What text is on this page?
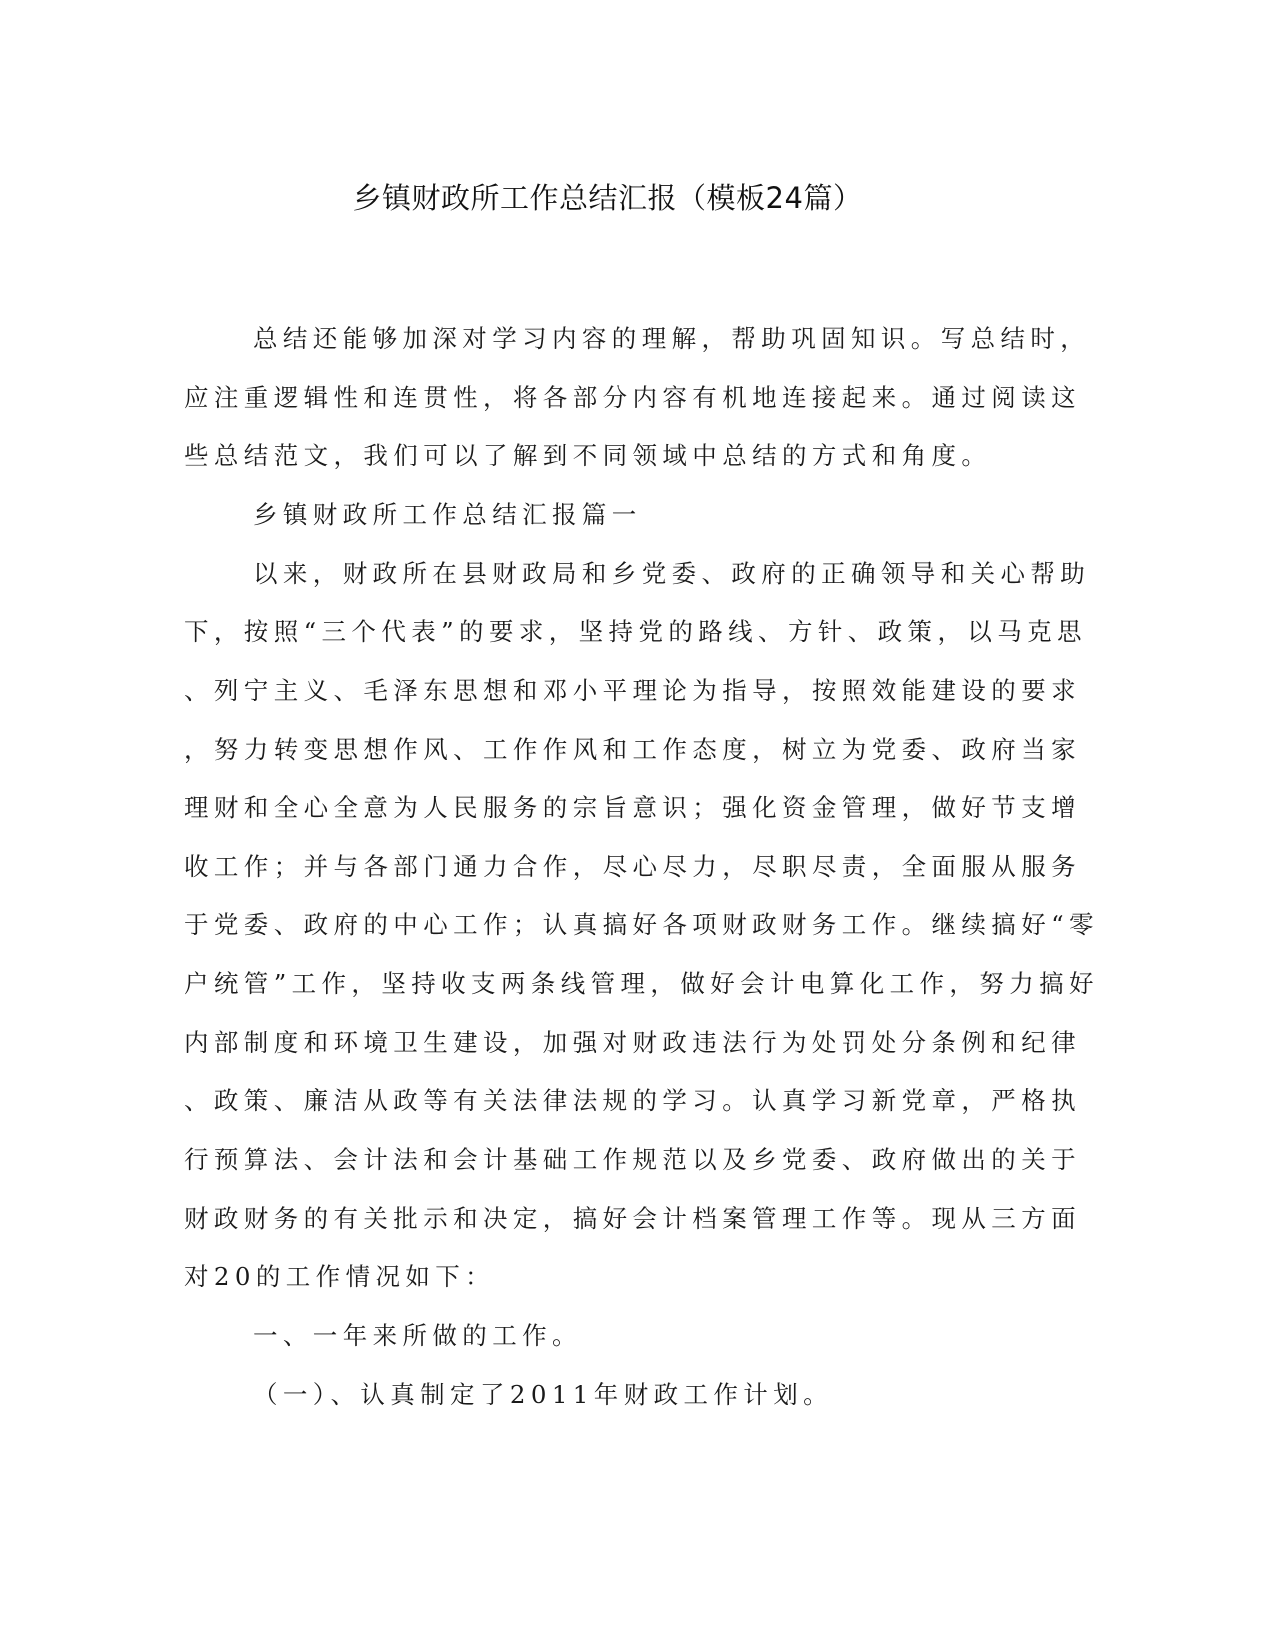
乡镇财政所工作总结汇报（模板24篇）
总结还能够加深对学习内容的理解，帮助巩固知识。写总结时，
应注重逻辑性和连贯性，将各部分内容有机地连接起来。通过阅读这
些总结范文，我们可以了解到不同领域中总结的方式和角度。
乡镇财政所工作总结汇报篇一
以来，财政所在县财政局和乡党委、政府的正确领导和关心帮助
下，按照“三个代表”的要求，坚持党的路线、方针、政策，以马克思
、列宁主义、毛泽东思想和邓小平理论为指导，按照效能建设的要求
，努力转变思想作风、工作作风和工作态度，树立为党委、政府当家
理财和全心全意为人民服务的宗旨意识；强化资金管理，做好节支增
收工作；并与各部门通力合作，尽心尽力，尽职尽责，全面服从服务
于党委、政府的中心工作；认真搞好各项财政财务工作。继续搞好“零
户统管”工作，坚持收支两条线管理，做好会计电算化工作，努力搞好
内部制度和环境卫生建设，加强对财政违法行为处罚处分条例和纪律
、政策、廉洁从政等有关法律法规的学习。认真学习新党章，严格执
行预算法、会计法和会计基础工作规范以及乡党委、政府做出的关于
财政财务的有关批示和决定，搞好会计档案管理工作等。现从三方面
对20的工作情况如下：
一、一年来所做的工作。
（一）、认真制定了2011年财政工作计划。
